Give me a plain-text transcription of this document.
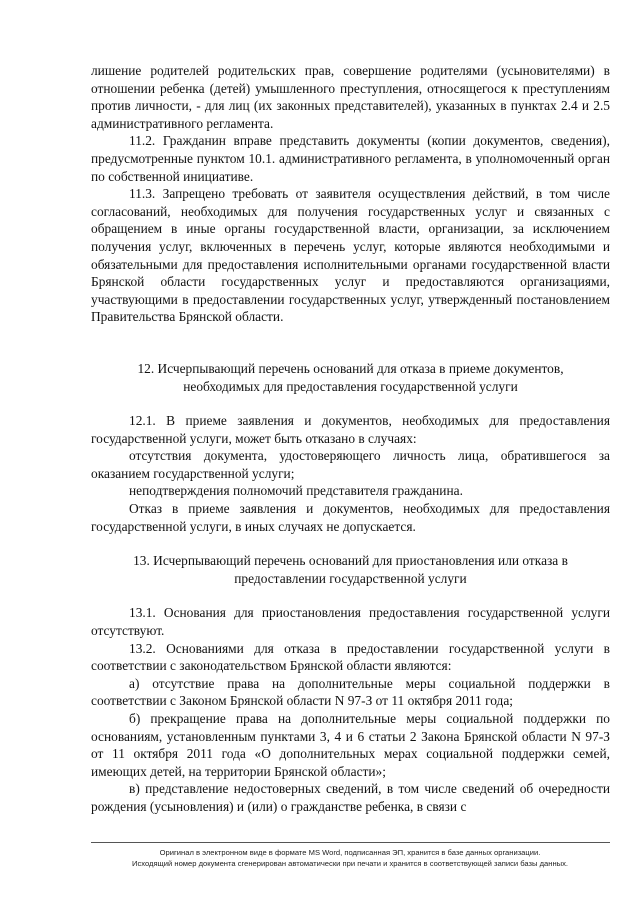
лишение родителей родительских прав, совершение родителями (усыновителями) в отношении ребенка (детей) умышленного преступления, относящегося к преступлениям против личности, - для лиц (их законных представителей), указанных в пунктах 2.4 и 2.5 административного регламента.

11.2. Гражданин вправе представить документы (копии документов, сведения), предусмотренные пунктом 10.1. административного регламента, в уполномоченный орган по собственной инициативе.

11.3. Запрещено требовать от заявителя осуществления действий, в том числе согласований, необходимых для получения государственных услуг и связанных с обращением в иные органы государственной власти, организации, за исключением получения услуг, включенных в перечень услуг, которые являются необходимыми и обязательными для предоставления исполнительными органами государственной власти Брянской области государственных услуг и предоставляются организациями, участвующими в предоставлении государственных услуг, утвержденный постановлением Правительства Брянской области.

12. Исчерпывающий перечень оснований для отказа в приеме документов, необходимых для предоставления государственной услуги

12.1. В приеме заявления и документов, необходимых для предоставления государственной услуги, может быть отказано в случаях:

отсутствия документа, удостоверяющего личность лица, обратившегося за оказанием государственной услуги;

неподтверждения полномочий представителя гражданина.

Отказ в приеме заявления и документов, необходимых для предоставления государственной услуги, в иных случаях не допускается.

13. Исчерпывающий перечень оснований для приостановления или отказа в предоставлении государственной услуги

13.1. Основания для приостановления предоставления государственной услуги отсутствуют.

13.2. Основаниями для отказа в предоставлении государственной услуги в соответствии с законодательством Брянской области являются:

а) отсутствие права на дополнительные меры социальной поддержки в соответствии с Законом Брянской области N 97-З от 11 октября 2011 года;

б) прекращение права на дополнительные меры социальной поддержки по основаниям, установленным пунктами 3, 4 и 6 статьи 2 Закона Брянской области N 97-З от 11 октября 2011 года «О дополнительных мерах социальной поддержки семей, имеющих детей, на территории Брянской области»;

в) представление недостоверных сведений, в том числе сведений об очередности рождения (усыновления) и (или) о гражданстве ребенка, в связи с

Оригинал в электронном виде в формате MS Word, подписанная ЭП, хранится в базе данных организации.
Исходящий номер документа сгенерирован автоматически при печати и хранится в соответствующей записи базы данных.
